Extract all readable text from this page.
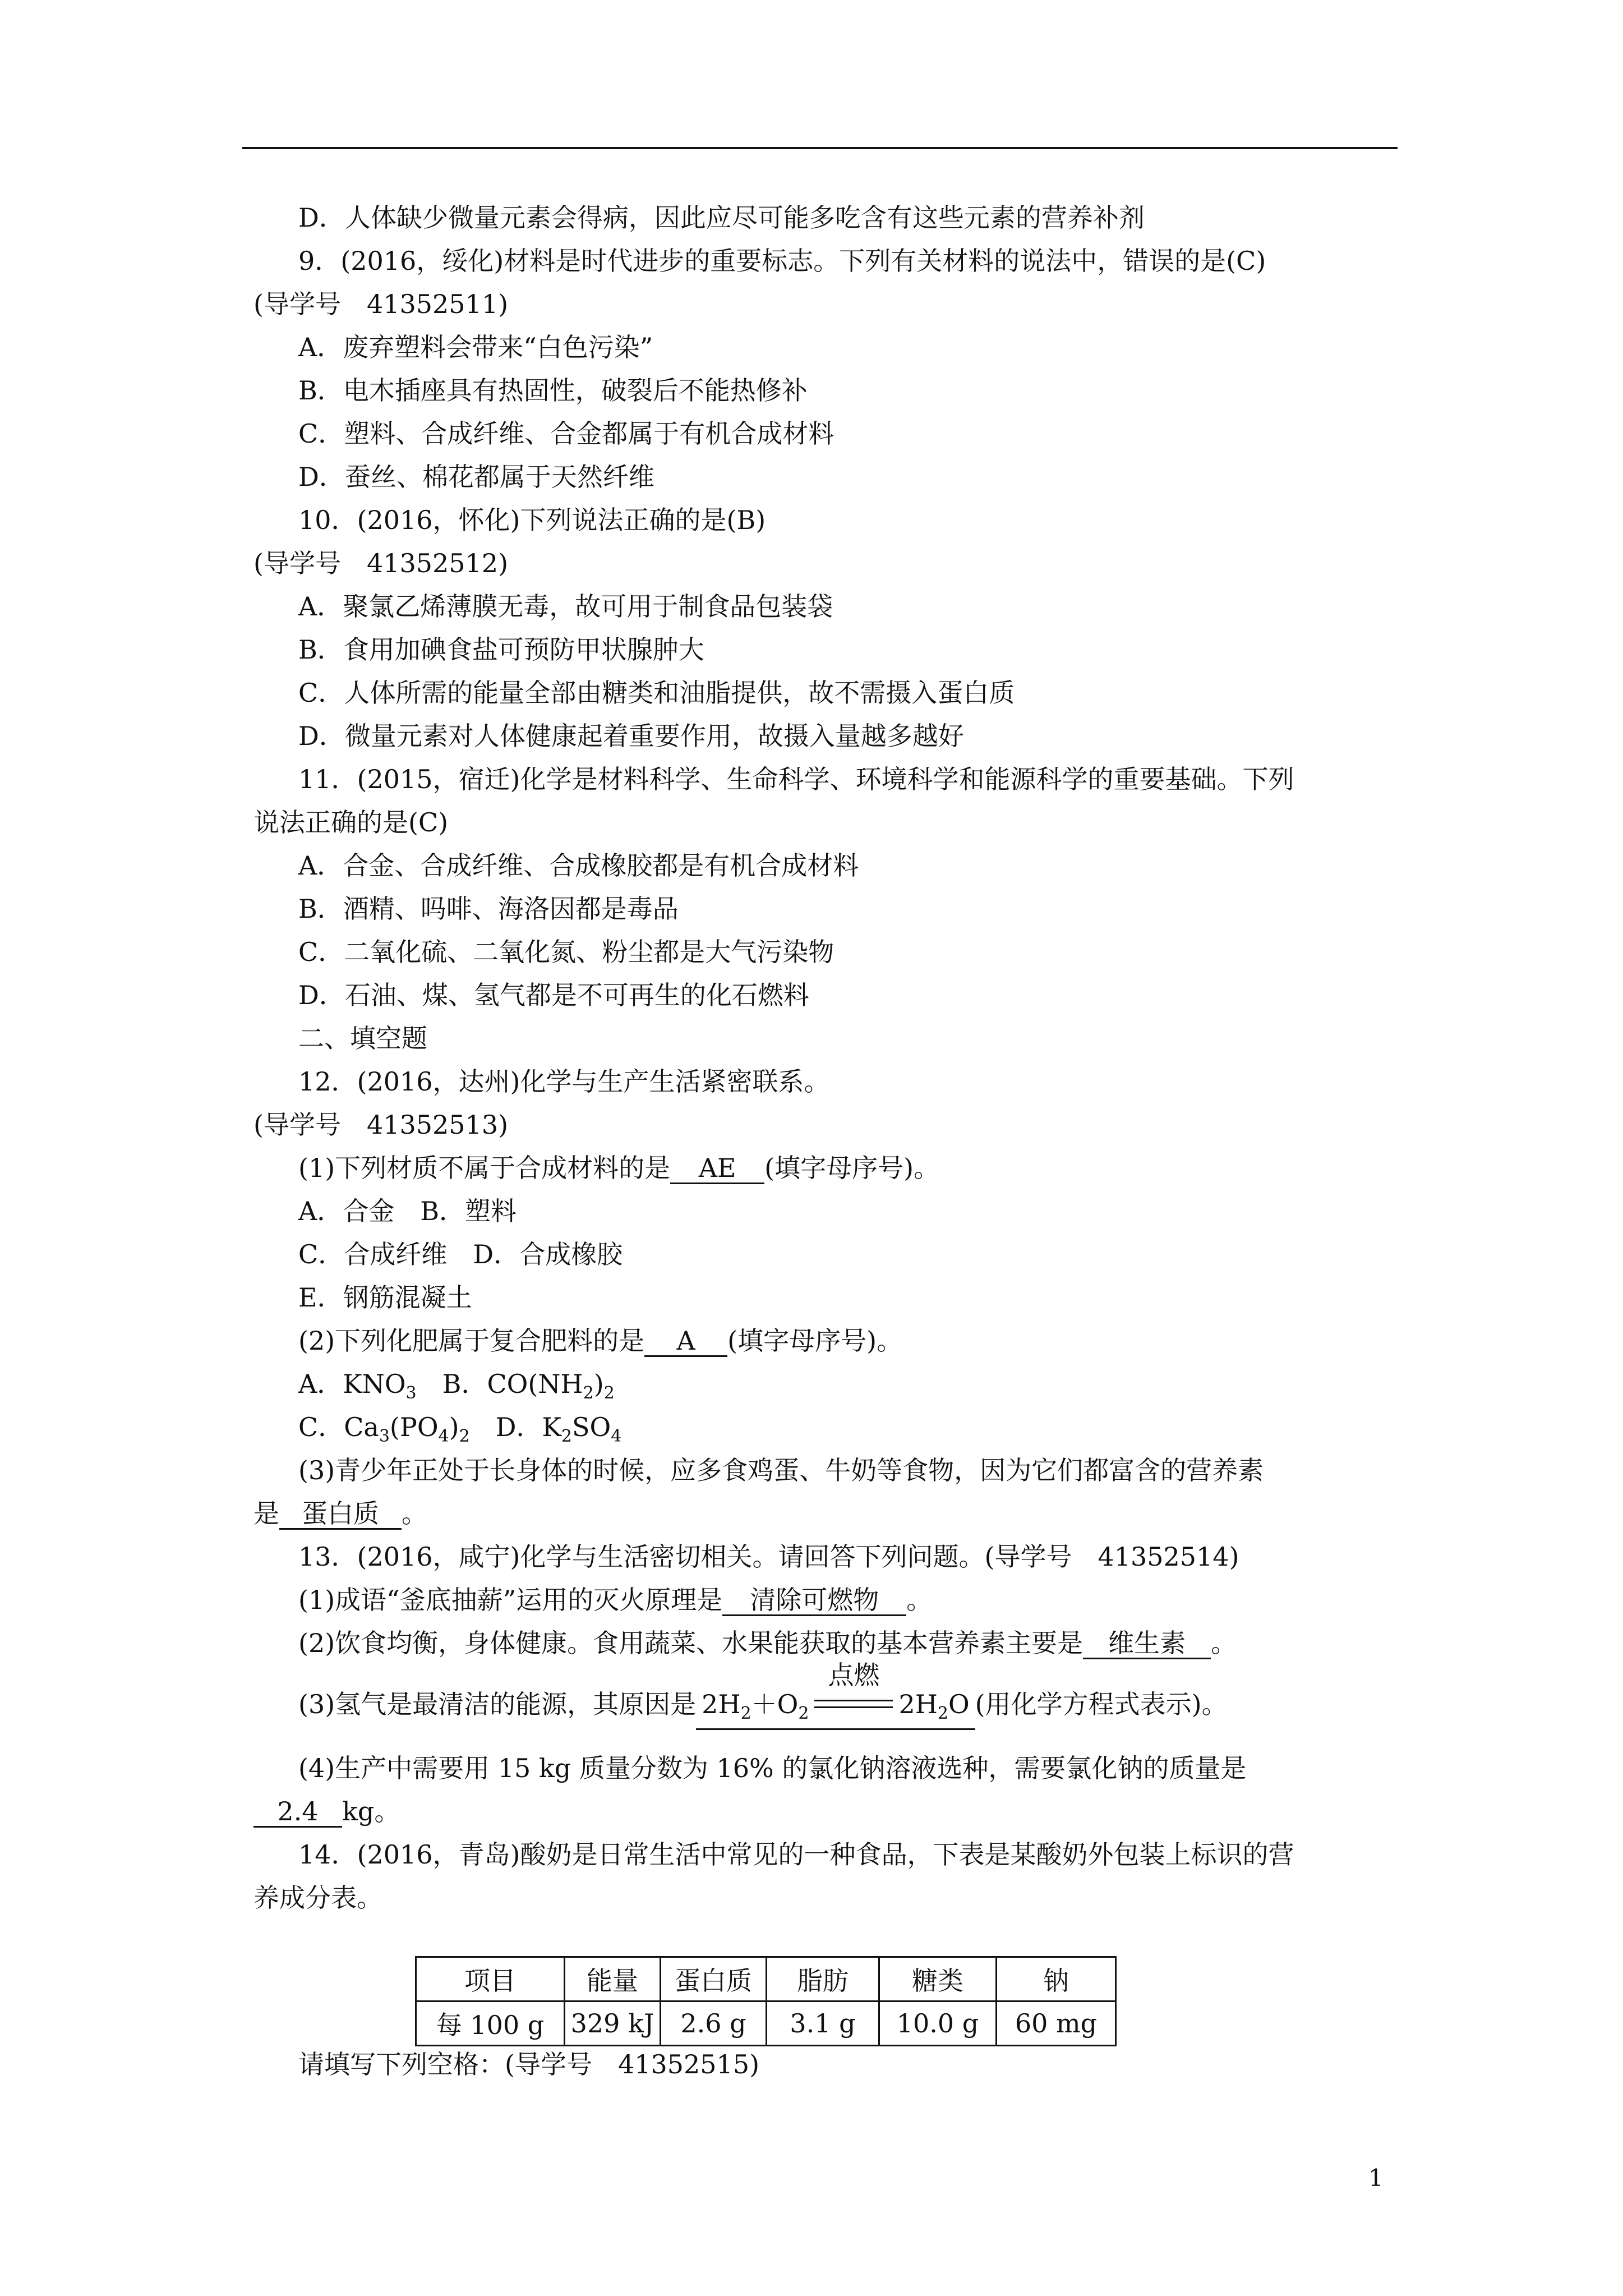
D．人体缺少微量元素会得病，因此应尽可能多吃含有这些元素的营养补剂
9．(2016，绥化)材料是时代进步的重要标志。下列有关材料的说法中，错误的是(C)
(导学号　41352511)
A．废弃塑料会带来“白色污染”
B．电木插座具有热固性，破裂后不能热修补
C．塑料、合成纤维、合金都属于有机合成材料
D．蚕丝、棉花都属于天然纤维
10．(2016，怀化)下列说法正确的是(B)
(导学号　41352512)
A．聚氯乙烯薄膜无毒，故可用于制食品包装袋
B．食用加碘食盐可预防甲状腺肿大
C．人体所需的能量全部由糖类和油脂提供，故不需摄入蛋白质
D．微量元素对人体健康起着重要作用，故摄入量越多越好
11．(2015，宿迁)化学是材料科学、生命科学、环境科学和能源科学的重要基础。下列
说法正确的是(C)
A．合金、合成纤维、合成橡胶都是有机合成材料
B．酒精、吗啡、海洛因都是毒品
C．二氧化硫、二氧化氮、粉尘都是大气污染物
D．石油、煤、氢气都是不可再生的化石燃料
二、填空题
12．(2016，达州)化学与生产生活紧密联系。
(导学号　41352513)
(1)下列材质不属于合成材料的是 AE (填字母序号)。
A．合金　B．塑料
C．合成纤维　D．合成橡胶
E．钢筋混凝土
(2)下列化肥属于复合肥料的是 A (填字母序号)。
A．$KNO_3$　B．$CO(NH_2)_2$
C．$Ca_3(PO_4)_2$　D．$K_2SO_4$
(3)青少年正处于长身体的时候，应多食鸡蛋、牛奶等食物，因为它们都富含的营养素
是 蛋白质 。
13．(2016，咸宁)化学与生活密切相关。请回答下列问题。(导学号　41352514)
(1)成语“釜底抽薪”运用的灭火原理是 清除可燃物 。
(2)饮食均衡，身体健康。食用蔬菜、水果能获取的基本营养素主要是 维生素 。
(3)氢气是最清洁的能源，其原因是 $2H_2+O_2$
点燃
$2H_2O$ (用化学方程式表示)。
(4)生产中需要用 15 kg 质量分数为 16% 的氯化钠溶液选种，需要氯化钠的质量是
2.4 kg。
14．(2016，青岛)酸奶是日常生活中常见的一种食品，下表是某酸奶外包装上标识的营
养成分表。
项目	能量	蛋白质	脂肪	糖类	钠
每 100 g	329 kJ	2.6 g	3.1 g	10.0 g	60 mg
请填写下列空格：(导学号　41352515)
1
